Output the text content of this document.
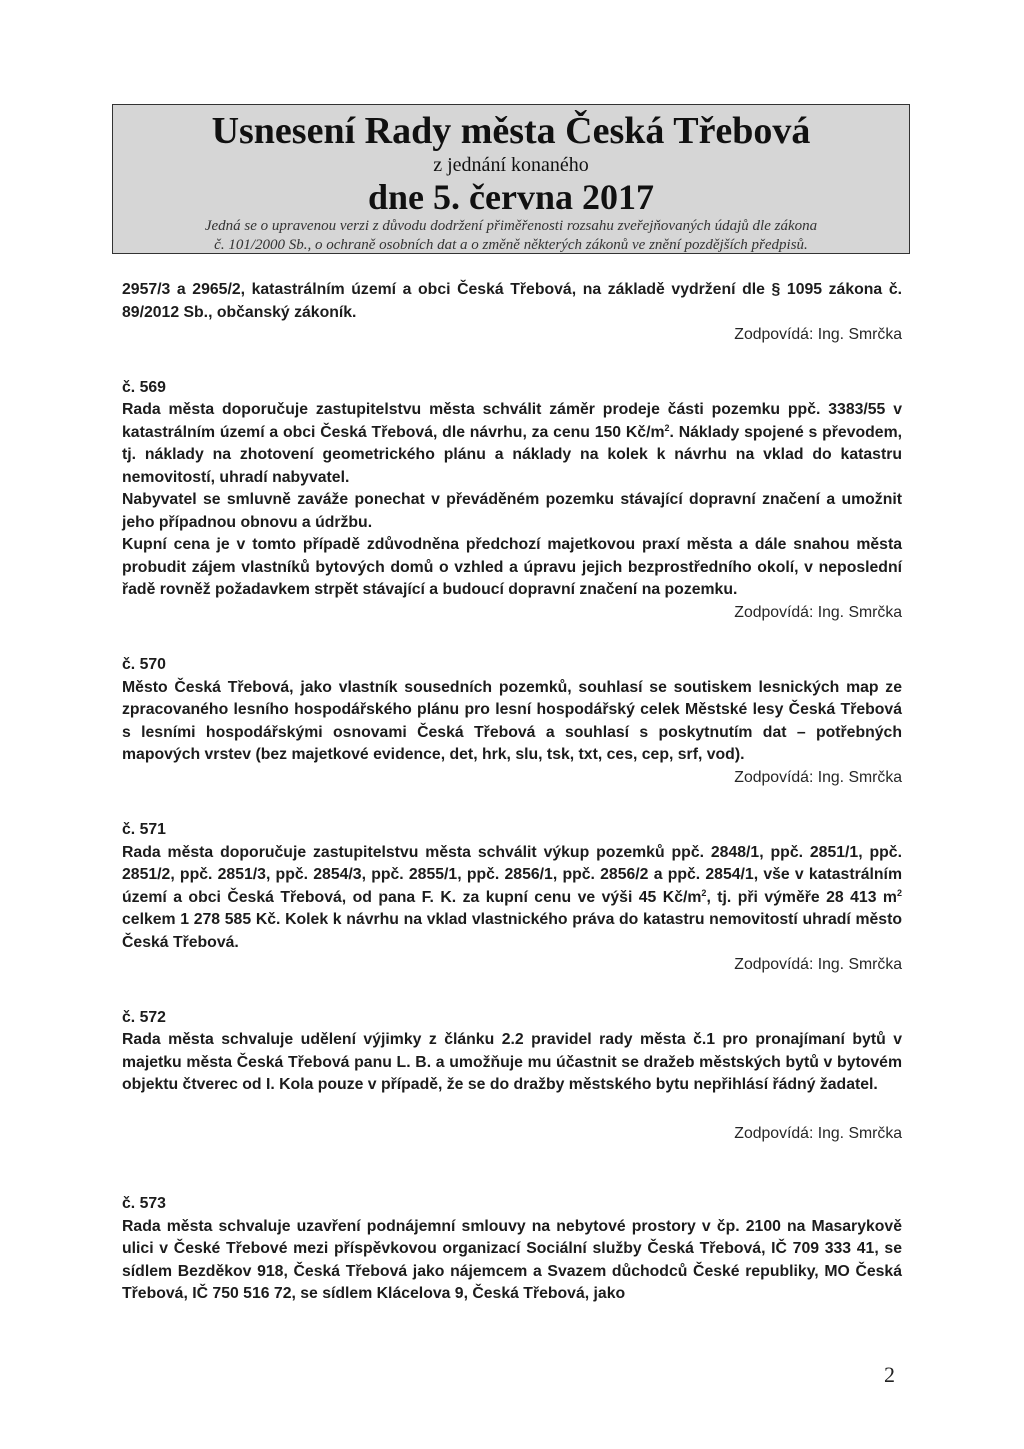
Usnesení Rady města Česká Třebová
z jednání konaného
dne 5. června 2017
Jedná se o upravenou verzi z důvodu dodržení přiměřenosti rozsahu zveřejňovaných údajů dle zákona
č. 101/2000 Sb., o ochraně osobních dat a o změně některých zákonů ve znění pozdějších předpisů.

2957/3 a 2965/2, katastrálním území a obci Česká Třebová, na základě vydržení dle § 1095 zákona č. 89/2012 Sb., občanský zákoník.

Zodpovídá: Ing. Smrčka

č. 569

Rada města doporučuje zastupitelstvu města schválit záměr prodeje části pozemku ppč. 3383/55 v katastrálním území a obci Česká Třebová, dle návrhu, za cenu 150 $Kč/m^2$. Náklady spojené s převodem, tj. náklady na zhotovení geometrického plánu a náklady na kolek k návrhu na vklad do katastru nemovitostí, uhradí nabyvatel.

Nabyvatel se smluvně zaváže ponechat v převáděném pozemku stávající dopravní značení a umožnit jeho případnou obnovu a údržbu.

Kupní cena je v tomto případě zdůvodněna předchozí majetkovou praxí města a dále snahou města probudit zájem vlastníků bytových domů o vzhled a úpravu jejich bezprostředního okolí, v neposlední řadě rovněž požadavkem strpět stávající a budoucí dopravní značení na pozemku.

Zodpovídá: Ing. Smrčka

č. 570

Město Česká Třebová, jako vlastník sousedních pozemků, souhlasí se soutiskem lesnických map ze zpracovaného lesního hospodářského plánu pro lesní hospodářský celek Městské lesy Česká Třebová s lesními hospodářskými osnovami Česká Třebová a souhlasí s poskytnutím dat – potřebných mapových vrstev (bez majetkové evidence, det, hrk, slu, tsk, txt, ces, cep, srf, vod).

Zodpovídá: Ing. Smrčka

č. 571

Rada města doporučuje zastupitelstvu města schválit výkup pozemků ppč. 2848/1, ppč. 2851/1, ppč. 2851/2, ppč. 2851/3, ppč. 2854/3, ppč. 2855/1, ppč. 2856/1, ppč. 2856/2 a ppč. 2854/1, vše v katastrálním území a obci Česká Třebová, od pana F. K. za kupní cenu ve výši 45 $Kč/m^2$, tj. při výměře 28 413 $m^2$ celkem 1 278 585 Kč. Kolek k návrhu na vklad vlastnického práva do katastru nemovitostí uhradí město Česká Třebová.

Zodpovídá: Ing. Smrčka

č. 572

Rada města schvaluje udělení výjimky z článku 2.2 pravidel rady města č.1 pro pronajímaní bytů v majetku města Česká Třebová panu L. B. a umožňuje mu účastnit se dražeb městských bytů v bytovém objektu čtverec od I. Kola pouze v případě, že se do dražby městského bytu nepřihlásí řádný žadatel.

Zodpovídá: Ing. Smrčka

č. 573

Rada města schvaluje uzavření podnájemní smlouvy na nebytové prostory v čp. 2100 na Masarykově ulici v České Třebové mezi příspěvkovou organizací Sociální služby Česká Třebová, IČ 709 333 41, se sídlem Bezděkov 918, Česká Třebová jako nájemcem a Svazem důchodců České republiky, MO Česká Třebová, IČ 750 516 72, se sídlem Klácelova 9, Česká Třebová, jako

2
